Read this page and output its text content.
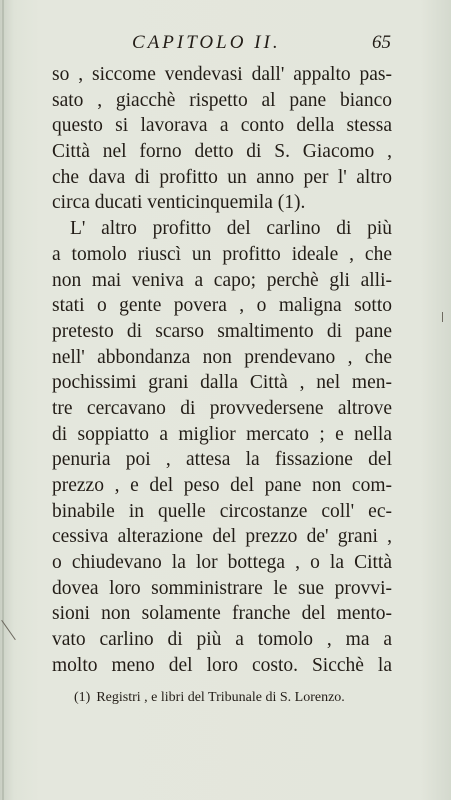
CAPITOLO II.	65
so , siccome vendevasi dall' appalto pas-
sato , giacchè rispetto al pane bianco
questo si lavorava a conto della stessa
Città nel forno detto di S. Giacomo ,
che dava di profitto un anno per l' altro
circa ducati venticinquemila (1).
L' altro profitto del carlino di più
a tomolo riuscì un profitto ideale , che
non mai veniva a capo; perchè gli alli-
stati o gente povera , o maligna sotto
pretesto di scarso smaltimento di pane
nell' abbondanza non prendevano , che
pochissimi grani dalla Città , nel men-
tre cercavano di provvedersene altrove
di soppiatto a miglior mercato ; e nella
penuria poi , attesa la fissazione del
prezzo , e del peso del pane non com-
binabile in quelle circostanze coll' ec-
cessiva alterazione del prezzo de' grani ,
o chiudevano la lor bottega , o la Città
dovea loro somministrare le sue provvi-
sioni non solamente franche del mento-
vato carlino di più a tomolo , ma a
molto meno del loro costo. Sicchè la
(1) Registri , e libri del Tribunale di S. Lorenzo.
